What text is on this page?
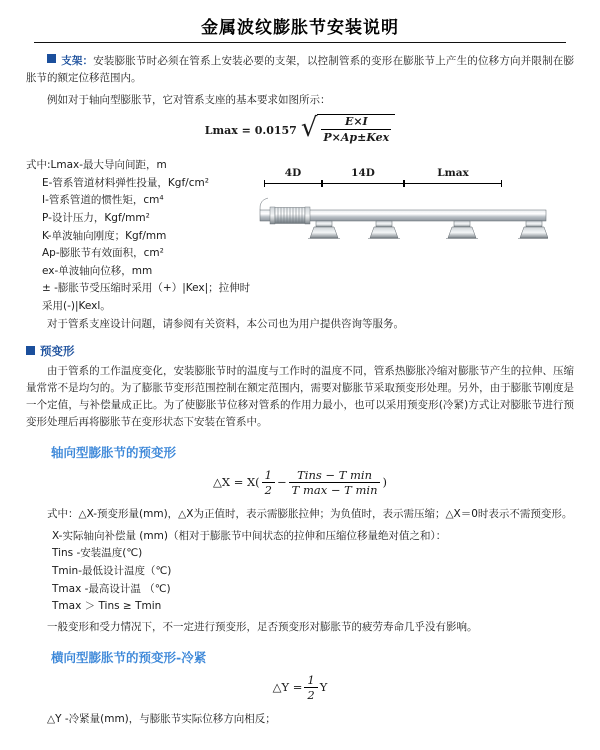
金属波纹膨胀节安装说明

支架：安装膨胀节时必须在管系上安装必要的支架，以控制管系的变形在膨胀节上产生的位移方向并限制在膨胀节的额定位移范围内。

例如对于轴向型膨胀节，它对管系支座的基本要求如图所示：

Lmax = 0.0157 √ $\frac{E\times I}{\text{P×Ap±Kex}}$
式中:Lmax-最大导向间距，m
E-管系管道材料弹性投量，Kgf/cm²
I-管系管道的惯性矩，cm⁴
P-设计压力，Kgf/mm²
K-单波轴向刚度；Kgf/mm
Ap-膨胀节有效面积，cm²
ex-单波轴向位移，mm
± -膨胀节受压缩时采用（+）|Kex|；拉伸时采用(-)|Kexl。
4D	14D	Lmax

对于管系支座设计问题，请参阅有关资料，本公司也为用户提供咨询等服务。

预变形

由于管系的工作温度变化，安装膨胀节时的温度与工作时的温度不同，管系热膨胀冷缩对膨胀节产生的拉伸、压缩量常常不是均匀的。为了膨胀节变形范围控制在额定范围内，需要对膨胀节采取预变形处理。另外，由于膨胀节刚度是一个定值，与补偿量成正比。为了使膨胀节位移对管系的作用力最小，也可以采用预变形(冷紧)方式让对膨胀节进行预变形处理后再将膨胀节在变形状态下安装在管系中。

轴向型膨胀节的预变形
△X = $X( \frac{1}{2} - \frac{\text{Tins − T min}}{\text{T max − T min}}$ )

式中：△X-预变形量(mm)，△X为正值时，表示需膨胀拉伸；为负值时，表示需压缩；△X＝0时表示不需预变形。

X-实际轴向补偿量 (mm)（相对于膨胀节中间状态的拉伸和压缩位移量绝对值之和）：
Tins -安装温度(℃)
Tmin-最低设计温度（℃)
Tmax -最高设计温 （℃)
Tmax ＞ Tins ≥ Tmin

一般变形和受力情况下，不一定进行预变形，足否预变形对膨胀节的疲劳寿命几乎没有影响。

横向型膨胀节的预变形-冷紧
△Y = $\frac{1}{2}$ Y

△Y -冷紧量(mm)，与膨胀节实际位移方向相反；
